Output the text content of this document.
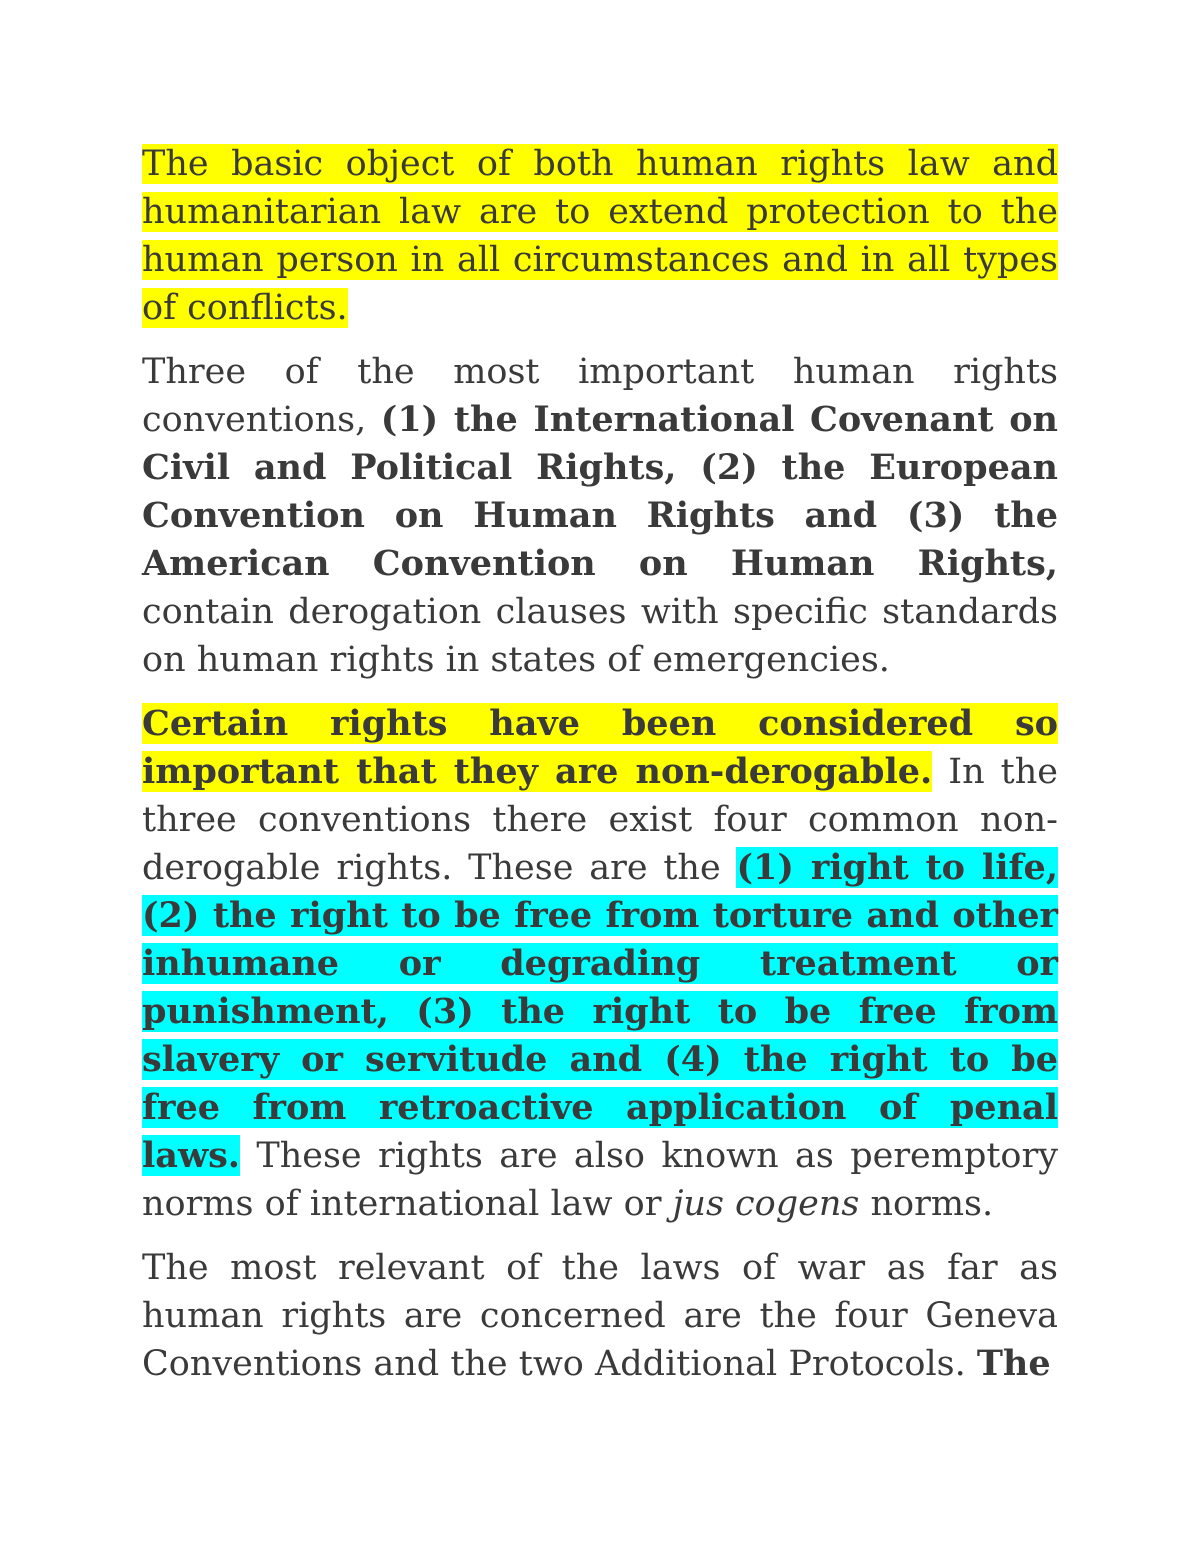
The basic object of both human rights law and humanitarian law are to extend protection to the human person in all circumstances and in all types of conflicts.

Three of the most important human rights conventions, (1) the International Covenant on Civil and Political Rights, (2) the European Convention on Human Rights and (3) the American Convention on Human Rights, contain derogation clauses with specific standards on human rights in states of emergencies.

Certain rights have been considered so important that they are non-derogable. In the three conventions there exist four common non-derogable rights. These are the (1) right to life, (2) the right to be free from torture and other inhumane or degrading treatment or punishment, (3) the right to be free from slavery or servitude and (4) the right to be free from retroactive application of penal laws. These rights are also known as peremptory norms of international law or jus cogens norms.

The most relevant of the laws of war as far as human rights are concerned are the four Geneva Conventions and the two Additional Protocols. The
